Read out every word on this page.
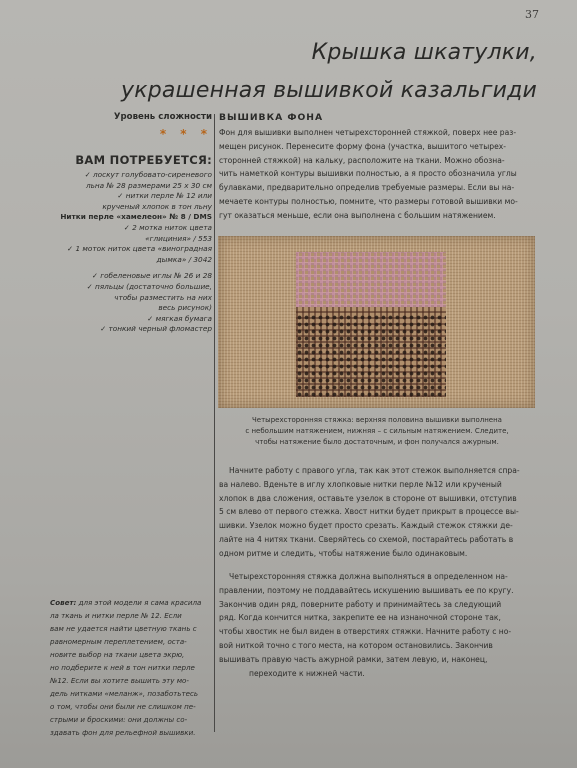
37
Крышка шкатулки,
украшенная вышивкой казальгиди
Уровень сложности
* * *
ВАМ ПОТРЕБУЕТСЯ:
✓ лоскут голубовато-сиреневого
льна № 28 размерами 25 х 30 см
✓ нитки перле № 12 или
крученый хлопок в тон льну
Нитки перле «хамелеон» № 8 / DMS
✓ 2 мотка ниток цвета
«глициния» / 553
✓ 1 моток ниток цвета «виноградная
дымка» / 3042
✓ гобеленовые иглы № 26 и 28
✓ пяльцы (достаточно большие,
чтобы разместить на них
весь рисунок)
✓ мягкая бумага
✓ тонкий черный фломастер
ВЫШИВКА ФОНА
Фон для вышивки выполнен четырехсторонней стяжкой, поверх нее раз-
мещен рисунок. Перенесите форму фона (участка, вышитого четырех-
сторонней стяжкой) на кальку, расположите на ткани. Можно обозна-
чить наметкой контуры вышивки полностью, а я просто обозначила углы
булавками, предварительно определив требуемые размеры. Если вы на-
мечаете контуры полностью, помните, что размеры готовой вышивки мо-
гут оказаться меньше, если она выполнена с большим натяжением.
Четырехсторонняя стяжка: верхняя половина вышивки выполнена
с небольшим натяжением, нижняя – с сильным натяжением. Следите,
чтобы натяжение было достаточным, и фон получался ажурным.
Начните работу с правого угла, так как этот стежок выполняется спра-
ва налево. Вденьте в иглу хлопковые нитки перле №12 или крученый
хлопок в два сложения, оставьте узелок в стороне от вышивки, отступив
5 см влево от первого стежка. Хвост нитки будет прикрыт в процессе вы-
шивки. Узелок можно будет просто срезать. Каждый стежок стяжки де-
лайте на 4 нитях ткани. Сверяйтесь со схемой, постарайтесь работать в
одном ритме и следить, чтобы натяжение было одинаковым.
Четырехсторонняя стяжка должна выполняться в определенном на-
правлении, поэтому не поддавайтесь искушению вышивать ее по кругу.
Закончив один ряд, поверните работу и принимайтесь за следующий
ряд. Когда кончится нитка, закрепите ее на изнаночной стороне так,
чтобы хвостик не был виден в отверстиях стяжки. Начните работу с но-
вой ниткой точно с того места, на котором остановились. Закончив
вышивать правую часть ажурной рамки, затем левую, и, наконец,
переходите к нижней части.
Совет: для этой модели я сама красила
ла ткань и нитки перле № 12. Если
вам не удается найти цветную ткань с
равномерным переплетением, оста-
новите выбор на ткани цвета экрю,
но подберите к ней в тон нитки перле
№12. Если вы хотите вышить эту мо-
дель нитками «меланж», позаботьтесь
о том, чтобы они были не слишком пе-
стрыми и броскими: они должны со-
здавать фон для рельефной вышивки.
